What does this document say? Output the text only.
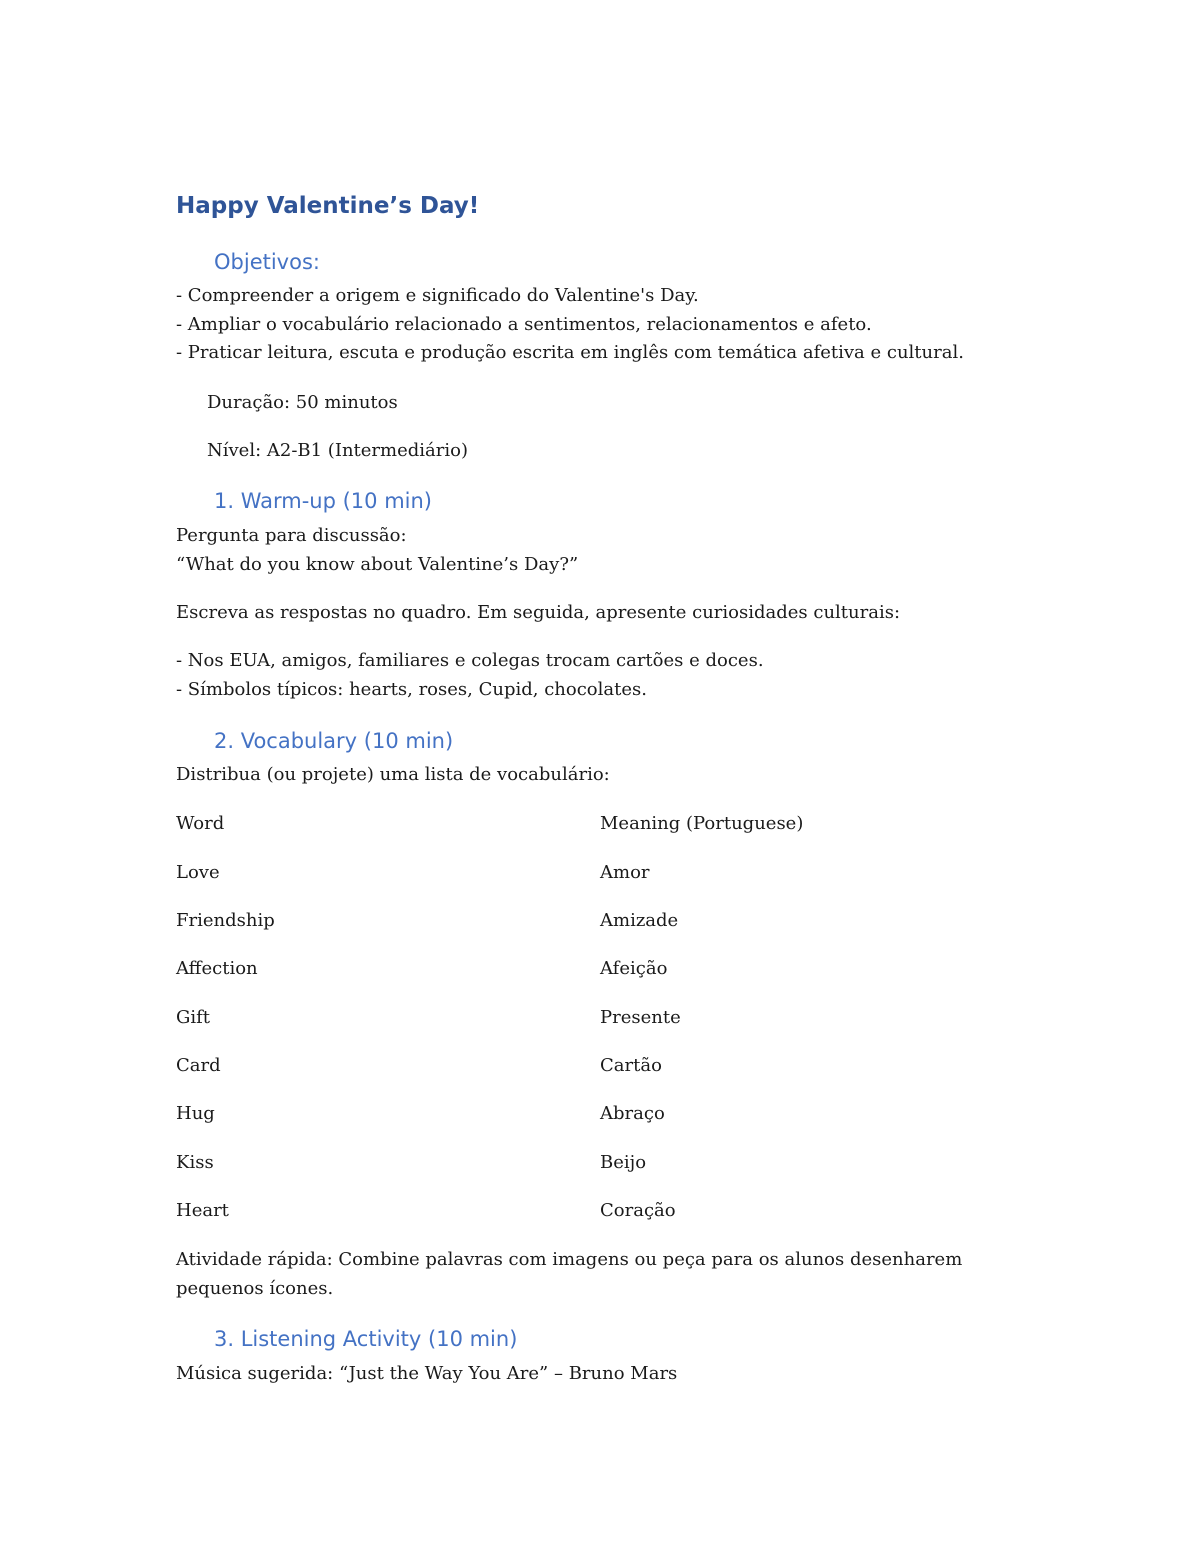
Happy Valentine’s Day!
Objetivos:
- Compreender a origem e significado do Valentine's Day.
- Ampliar o vocabulário relacionado a sentimentos, relacionamentos e afeto.
- Praticar leitura, escuta e produção escrita em inglês com temática afetiva e cultural.
Duração: 50 minutos
Nível: A2-B1 (Intermediário)
1. Warm-up (10 min)
Pergunta para discussão:
“What do you know about Valentine’s Day?”
Escreva as respostas no quadro. Em seguida, apresente curiosidades culturais:
- Nos EUA, amigos, familiares e colegas trocam cartões e doces.
- Símbolos típicos: hearts, roses, Cupid, chocolates.
2. Vocabulary (10 min)
Distribua (ou projete) uma lista de vocabulário:
Word	Meaning (Portuguese)
Love	Amor
Friendship	Amizade
Affection	Afeição
Gift	Presente
Card	Cartão
Hug	Abraço
Kiss	Beijo
Heart	Coração
Atividade rápida: Combine palavras com imagens ou peça para os alunos desenharem
pequenos ícones.
3. Listening Activity (10 min)
Música sugerida: “Just the Way You Are” – Bruno Mars
